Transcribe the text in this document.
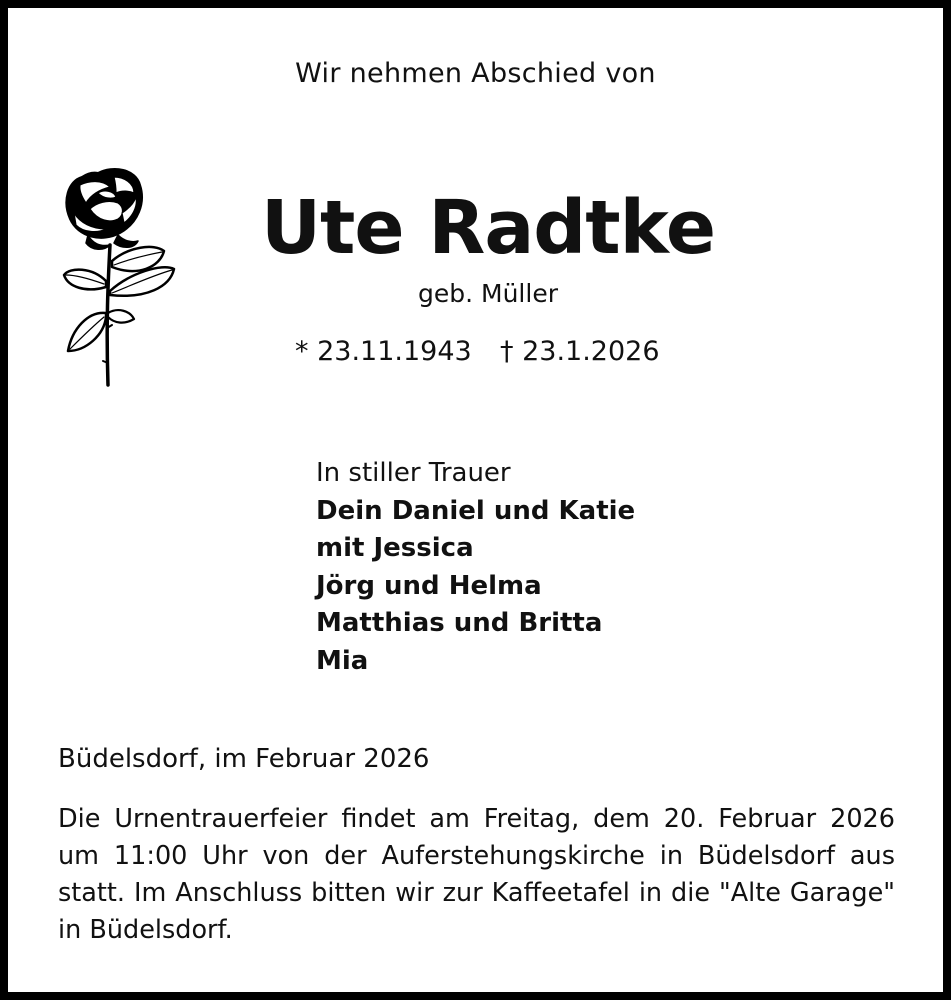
Wir nehmen Abschied von
Ute Radtke
geb. Müller
* 23.11.1943 † 23.1.2026
In stiller Trauer
Dein Daniel und Katie
mit Jessica
Jörg und Helma
Matthias und Britta
Mia
Büdelsdorf, im Februar 2026
Die Urnentrauerfeier findet am Freitag, dem 20. Februar 2026 um 11:00 Uhr von der Auferstehungskirche in Büdelsdorf aus statt. Im Anschluss bitten wir zur Kaffeetafel in die "Alte Garage" in Büdelsdorf.
